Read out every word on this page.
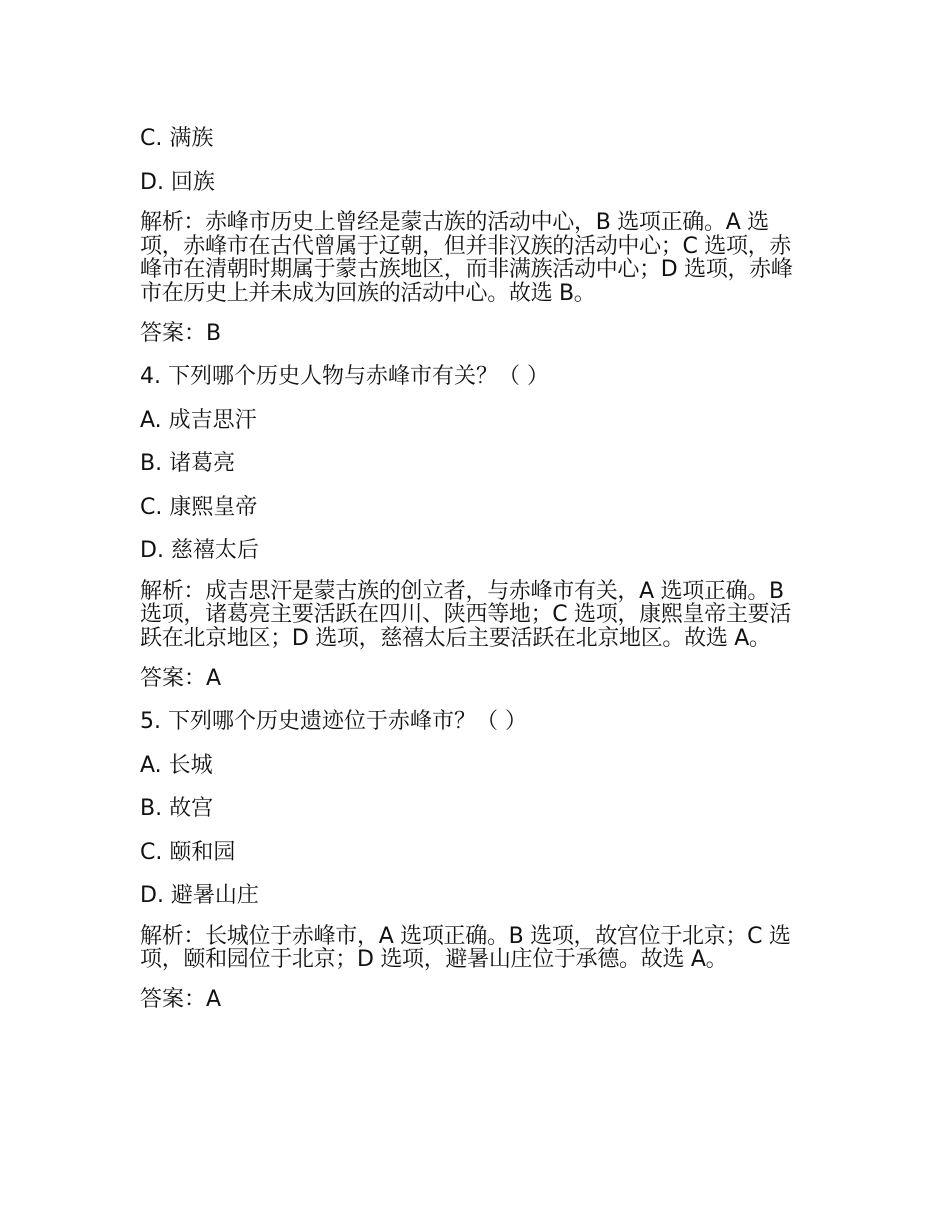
C. 满族
D. 回族
解析：赤峰市历史上曾经是蒙古族的活动中心，B 选项正确。A 选项，赤峰市在古代曾属于辽朝，但并非汉族的活动中心；C 选项，赤峰市在清朝时期属于蒙古族地区，而非满族活动中心；D 选项，赤峰市在历史上并未成为回族的活动中心。故选 B。
答案：B
4. 下列哪个历史人物与赤峰市有关？（ ）
A. 成吉思汗
B. 诸葛亮
C. 康熙皇帝
D. 慈禧太后
解析：成吉思汗是蒙古族的创立者，与赤峰市有关，A 选项正确。B 选项，诸葛亮主要活跃在四川、陕西等地；C 选项，康熙皇帝主要活跃在北京地区；D 选项，慈禧太后主要活跃在北京地区。故选 A。
答案：A
5. 下列哪个历史遗迹位于赤峰市？（ ）
A. 长城
B. 故宫
C. 颐和园
D. 避暑山庄
解析：长城位于赤峰市，A 选项正确。B 选项，故宫位于北京；C 选项，颐和园位于北京；D 选项，避暑山庄位于承德。故选 A。
答案：A
